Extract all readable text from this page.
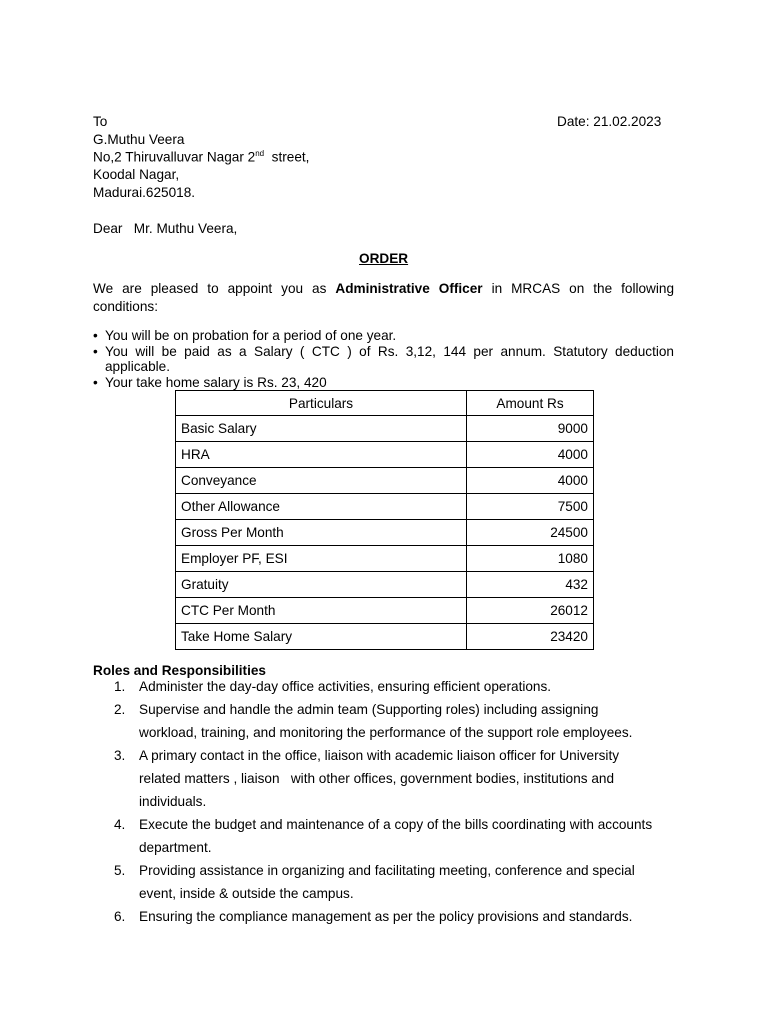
To	Date: 21.02.2023
G.Muthu Veera
No,2 Thiruvalluvar Nagar 2nd  street,
Koodal Nagar,
Madurai.625018.
Dear   Mr. Muthu Veera,
ORDER
We are pleased to appoint you as Administrative Officer in MRCAS on the following
conditions:
• You will be on probation for a period of one year.
• You will be paid as a Salary ( CTC ) of Rs. 3,12, 144 per annum. Statutory deduction
applicable.
• Your take home salary is Rs. 23, 420
Particulars	Amount Rs
Basic Salary	9000
HRA	4000
Conveyance	4000
Other Allowance	7500
Gross Per Month	24500
Employer PF, ESI	1080
Gratuity	432
CTC Per Month	26012
Take Home Salary	23420
Roles and Responsibilities
1. Administer the day-day office activities, ensuring efficient operations.
2. Supervise and handle the admin team (Supporting roles) including assigning
workload, training, and monitoring the performance of the support role employees.
3. A primary contact in the office, liaison with academic liaison officer for University
related matters , liaison   with other offices, government bodies, institutions and
individuals.
4. Execute the budget and maintenance of a copy of the bills coordinating with accounts
department.
5. Providing assistance in organizing and facilitating meeting, conference and special
event, inside & outside the campus.
6. Ensuring the compliance management as per the policy provisions and standards.
